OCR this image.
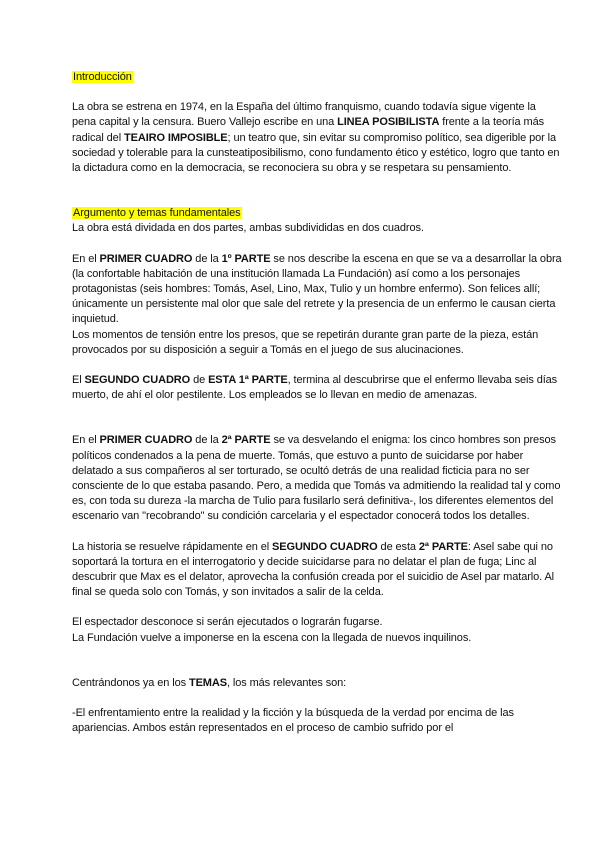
Introducción

La obra se estrena en 1974, en la España del último franquismo, cuando todavía sigue vigente la pena capital y la censura. Buero Vallejo escribe en una LINEA POSIBILISTA frente a la teoría más radical del TEAIRO IMPOSIBLE; un teatro que, sin evitar su compromiso político, sea digerible por la sociedad y tolerable para la cunsteatiposibilismo, cono fundamento ético y estético, logro que tanto en la dictadura como en la democracia, se reconociera su obra y se respetara su pensamiento.

Argumento y temas fundamentales

La obra está dividada en dos partes, ambas subdivididas en dos cuadros.

En el PRIMER CUADRO de la 1º PARTE se nos describe la escena en que se va a desarrollar la obra (la confortable habitación de una institución llamada La Fundación) así como a los personajes protagonistas (seis hombres: Tomás, Asel, Lino, Max, Tulio y un hombre enfermo). Son felices allí; únicamente un persistente mal olor que sale del retrete y la presencia de un enfermo le causan cierta inquietud.

Los momentos de tensión entre los presos, que se repetirán durante gran parte de la pieza, están provocados por su disposición a seguir a Tomás en el juego de sus alucinaciones.

El SEGUNDO CUADRO de ESTA 1ª PARTE, termina al descubrirse que el enfermo llevaba seis días muerto, de ahí el olor pestilente. Los empleados se lo llevan en medio de amenazas.

En el PRIMER CUADRO de la 2ª PARTE se va desvelando el enigma: los cinco hombres son presos políticos condenados a la pena de muerte. Tomás, que estuvo a punto de suicidarse por haber delatado a sus compañeros al ser torturado, se ocultó detrás de una realidad ficticia para no ser consciente de lo que estaba pasando. Pero, a medida que Tomás va admitiendo la realidad tal y como es, con toda su dureza -la marcha de Tulio para fusilarlo será definitiva-, los diferentes elementos del escenario van "recobrando" su condición carcelaria y el espectador conocerá todos los detalles.

La historia se resuelve rápidamente en el SEGUNDO CUADRO de esta 2ª PARTE: Asel sabe qui no soportará la tortura en el interrogatorio y decide suicidarse para no delatar el plan de fuga; Linc al descubrir que Max es el delator, aprovecha la confusión creada por el suicidio de Asel par matarlo. Al final se queda solo con Tomás, y son invitados a salir de la celda.

El espectador desconoce si serán ejecutados o lograrán fugarse.

La Fundación vuelve a imponerse en la escena con la llegada de nuevos inquilinos.

Centrándonos ya en los TEMAS, los más relevantes son:

-El enfrentamiento entre la realidad y la ficción y la búsqueda de la verdad por encima de las apariencias. Ambos están representados en el proceso de cambio sufrido por el
